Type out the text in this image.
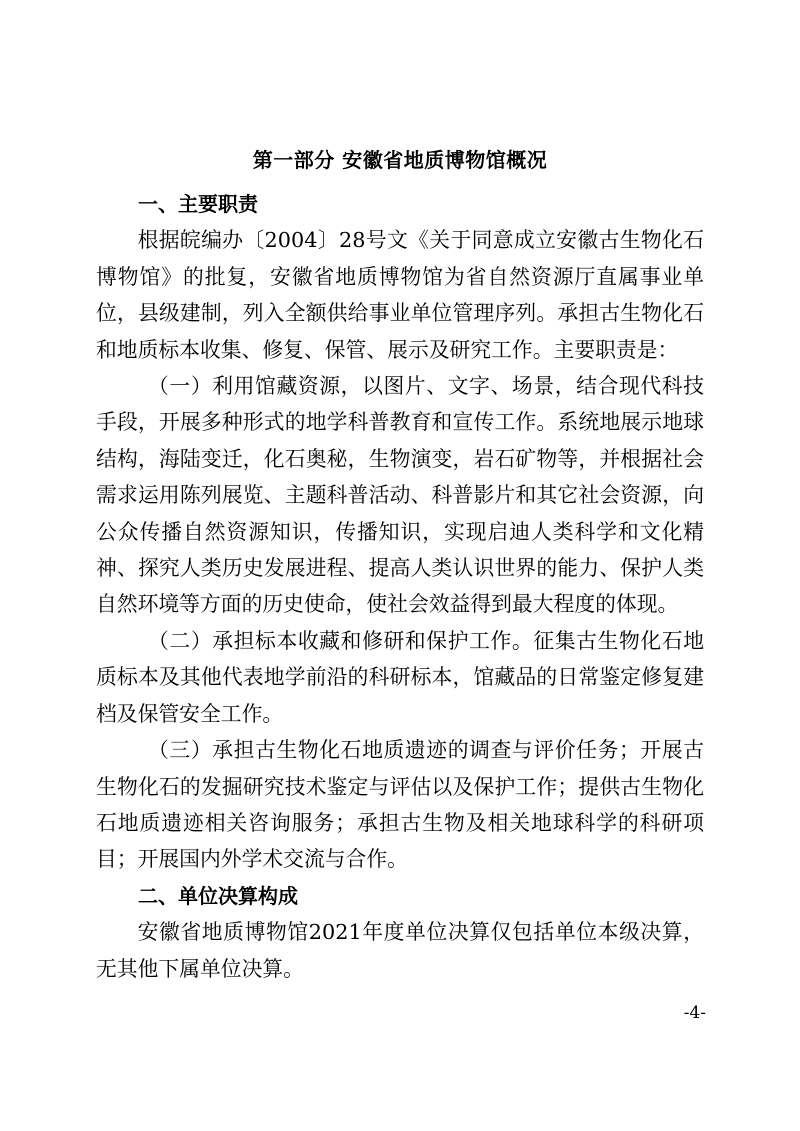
第一部分 安徽省地质博物馆概况

一、主要职责

根据皖编办〔2004〕28号文《关于同意成立安徽古生物化石博物馆》的批复，安徽省地质博物馆为省自然资源厅直属事业单位，县级建制，列入全额供给事业单位管理序列。承担古生物化石和地质标本收集、修复、保管、展示及研究工作。主要职责是：

（一）利用馆藏资源，以图片、文字、场景，结合现代科技手段，开展多种形式的地学科普教育和宣传工作。系统地展示地球结构，海陆变迁，化石奥秘，生物演变，岩石矿物等，并根据社会需求运用陈列展览、主题科普活动、科普影片和其它社会资源，向公众传播自然资源知识，传播知识，实现启迪人类科学和文化精神、探究人类历史发展进程、提高人类认识世界的能力、保护人类自然环境等方面的历史使命，使社会效益得到最大程度的体现。

（二）承担标本收藏和修研和保护工作。征集古生物化石地质标本及其他代表地学前沿的科研标本，馆藏品的日常鉴定修复建档及保管安全工作。

（三）承担古生物化石地质遗迹的调查与评价任务；开展古生物化石的发掘研究技术鉴定与评估以及保护工作；提供古生物化石地质遗迹相关咨询服务；承担古生物及相关地球科学的科研项目；开展国内外学术交流与合作。

二、单位决算构成

安徽省地质博物馆2021年度单位决算仅包括单位本级决算，无其他下属单位决算。

-4-
